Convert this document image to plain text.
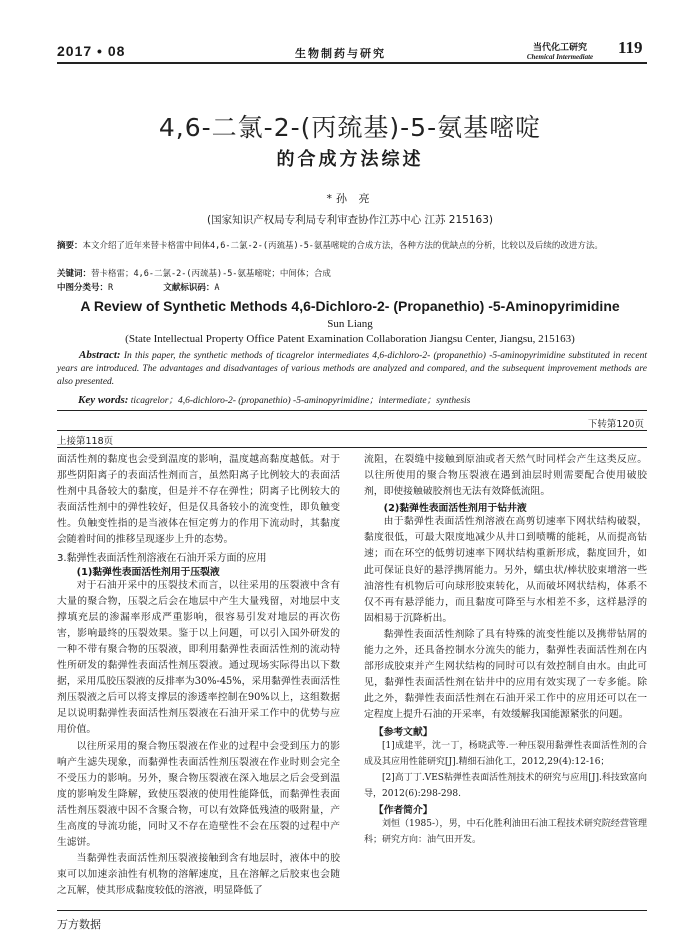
2017 • 08	生物制药与研究	当代化工研究
Chemical Intermediate	119
4,6-二氯-2-(丙巯基)-5-氨基嘧啶
的合成方法综述
*孙 亮
(国家知识产权局专利局专利审查协作江苏中心 江苏 215163)
摘要：本文介绍了近年来替卡格雷中间体4,6-二氯-2-(丙巯基)-5-氨基嘧啶的合成方法，各种方法的优缺点的分析，比较以及后续的改进方法。
关键词：替卡格雷；4,6-二氯-2-(丙巯基)-5-氨基嘧啶；中间体；合成
中图分类号：R	文献标识码：A
A Review of Synthetic Methods 4,6-Dichloro-2- (Propanethio) -5-Aminopyrimidine
Sun Liang
(State Intellectual Property Office Patent Examination Collaboration Jiangsu Center, Jiangsu, 215163)
Abstract: In this paper, the synthetic methods of ticagrelor intermediates 4,6-dichloro-2- (propanethio) -5-aminopyrimidine substituted in recent years are introduced. The advantages and disadvantages of various methods are analyzed and compared, and the subsequent improvement methods are also presented.
Key words: ticagrelor；4,6-dichloro-2- (propanethio) -5-aminopyrimidine；intermediate；synthesis
下转第120页
上接第118页

面活性剂的黏度也会受到温度的影响，温度越高黏度越低。对于那些阴阳离子的表面活性剂而言，虽然阳离子比例较大的表面活性剂中具备较大的黏度，但是并不存在弹性；阴离子比例较大的表面活性剂中的弹性较好，但是仅具备较小的流变性，即负触变性。负触变性指的是当液体在恒定剪力的作用下流动时，其黏度会随着时间的推移呈现逐步上升的态势。

3.黏弹性表面活性剂溶液在石油开采方面的应用

(1)黏弹性表面活性剂用于压裂液

对于石油开采中的压裂技术而言，以往采用的压裂液中含有大量的聚合物，压裂之后会在地层中产生大量残留，对地层中支撑填充层的渗漏率形成严重影响，很容易引发对地层的再次伤害，影响最终的压裂效果。鉴于以上问题，可以引入国外研发的一种不带有聚合物的压裂液，即利用黏弹性表面活性剂的流动特性所研发的黏弹性表面活性剂压裂液。通过现场实际得出以下数据，采用瓜胶压裂液的反排率为30%-45%，采用黏弹性表面活性剂压裂液之后可以将支撑层的渗透率控制在90%以上，这组数据足以说明黏弹性表面活性剂压裂液在石油开采工作中的优势与应用价值。

以往所采用的聚合物压裂液在作业的过程中会受到压力的影响产生滤失现象，而黏弹性表面活性剂压裂液在作业时则会完全不受压力的影响。另外，聚合物压裂液在深入地层之后会受到温度的影响发生降解，致使压裂液的使用性能降低，而黏弹性表面活性剂压裂液中因不含聚合物，可以有效降低残渣的吸附量，产生高度的导流功能，同时又不存在造壁性不会在压裂的过程中产生滤饼。

当黏弹性表面活性剂压裂液接触到含有地层时，液体中的胶束可以加速亲油性有机物的溶解速度，且在溶解之后胶束也会随之瓦解，使其形成黏度较低的溶液，明显降低了

流阻，在裂缝中接触到原油或者天然气时同样会产生这类反应。以往所使用的聚合物压裂液在遇到油层时则需要配合使用破胶剂，即使接触破胶剂也无法有效降低流阻。

(2)黏弹性表面活性剂用于钻井液

由于黏弹性表面活性剂溶液在高剪切速率下网状结构破裂，黏度很低，可最大限度地减少从井口到喷嘴的能耗，从而提高钻速；而在环空的低剪切速率下网状结构重新形成，黏度回升，如此可保证良好的悬浮携屑能力。另外，蠕虫状/棒状胶束增溶一些油溶性有机物后可向球形胶束转化，从而破坏网状结构，体系不仅不再有悬浮能力，而且黏度可降至与水相差不多，这样悬浮的固相易于沉降析出。

黏弹性表面活性剂除了具有特殊的流变性能以及携带钻屑的能力之外，还具备控制水分流失的能力，黏弹性表面活性剂在内部形成胶束并产生网状结构的同时可以有效控制自由水。由此可见，黏弹性表面活性剂在钻井中的应用有效实现了一专多能。除此之外，黏弹性表面活性剂在石油开采工作中的应用还可以在一定程度上提升石油的开采率，有效缓解我国能源紧张的问题。

【参考文献】

[1]成建平，沈一丁，杨晓武等.一种压裂用黏弹性表面活性剂的合成及其应用性能研究[J].精细石油化工，2012,29(4):12-16；

[2]高丁丁.VES粘弹性表面活性剂技术的研究与应用[J].科技致富向导，2012(6):298-298.

【作者简介】

刘恒（1985-），男，中石化胜利油田石油工程技术研究院经营管理科；研究方向：油气田开发。

万方数据
